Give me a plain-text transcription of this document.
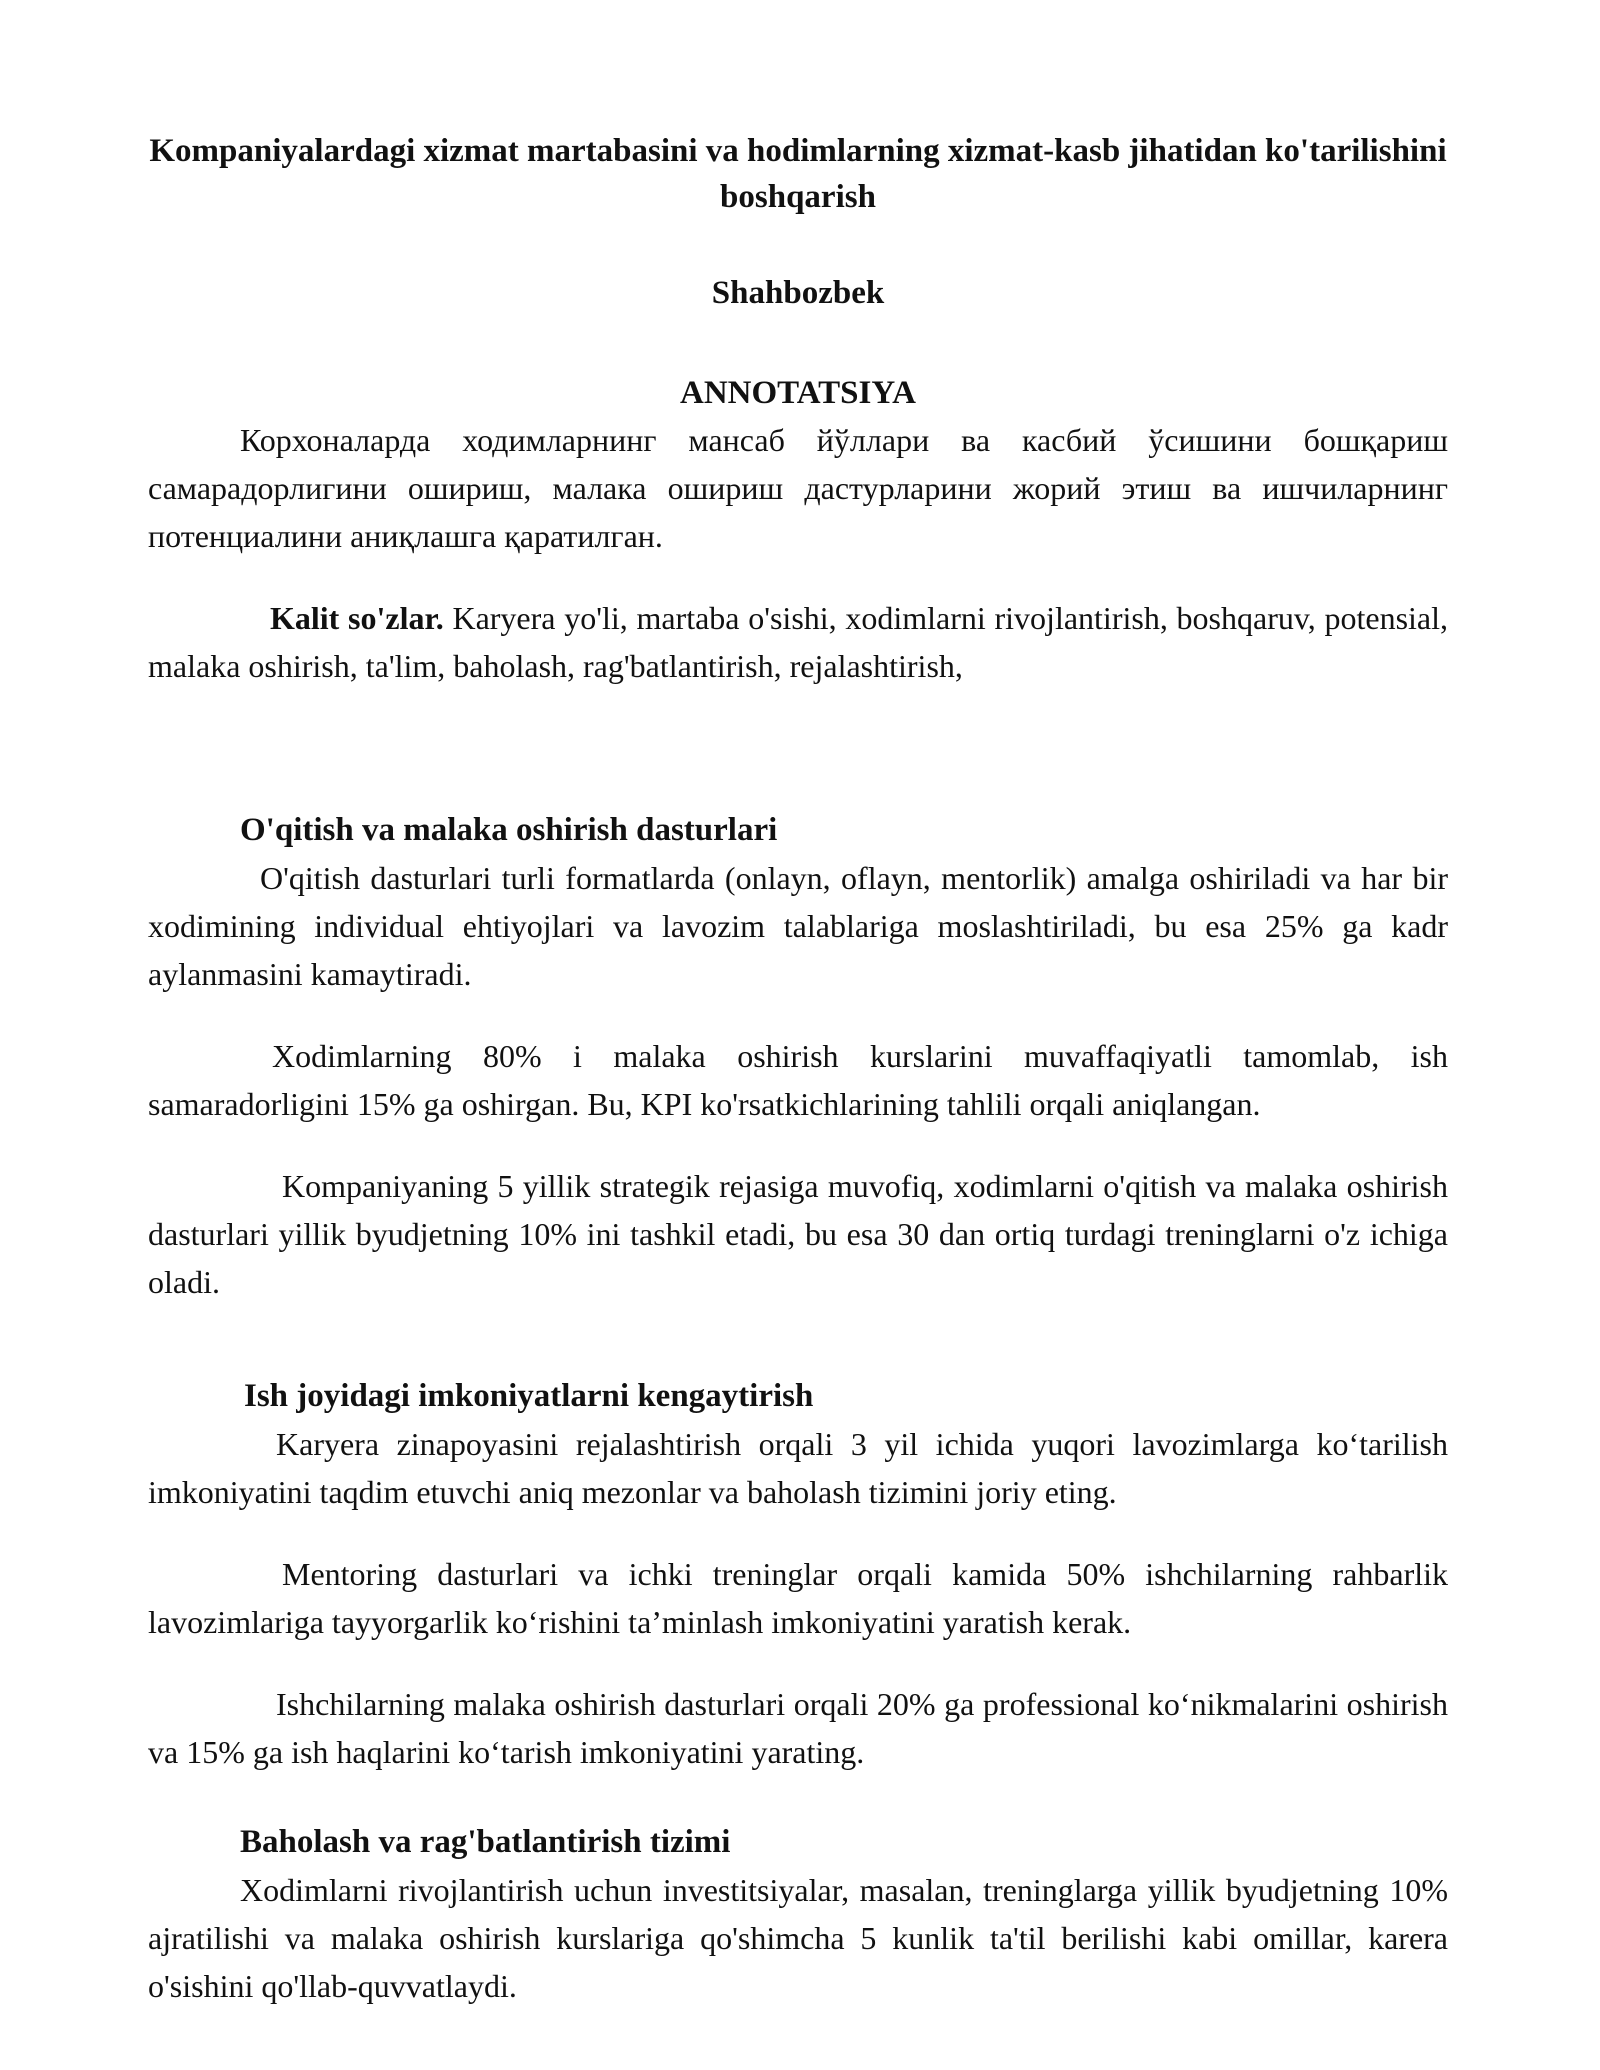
Kompaniyalardagi xizmat martabasini va hodimlarning xizmat-kasb jihatidan ko'tarilishini boshqarish
Shahbozbek
ANNOTATSIYA

Корхоналарда ходимларнинг мансаб йўллари ва касбий ўсишини бошқариш самарадорлигини ошириш, малака ошириш дастурларини жорий этиш ва ишчиларнинг потенциалини аниқлашга қаратилган.

Kalit so'zlar. Karyera yo'li, martaba o'sishi, xodimlarni rivojlantirish, boshqaruv, potensial, malaka oshirish, ta'lim, baholash, rag'batlantirish, rejalashtirish,

O'qitish va malaka oshirish dasturlari

O'qitish dasturlari turli formatlarda (onlayn, oflayn, mentorlik) amalga oshiriladi va har bir xodimining individual ehtiyojlari va lavozim talablariga moslashtiriladi, bu esa 25% ga kadr aylanmasini kamaytiradi.

Xodimlarning 80% i malaka oshirish kurslarini muvaffaqiyatli tamomlab, ish samaradorligini 15% ga oshirgan. Bu, KPI ko'rsatkichlarining tahlili orqali aniqlangan.

Kompaniyaning 5 yillik strategik rejasiga muvofiq, xodimlarni o'qitish va malaka oshirish dasturlari yillik byudjetning 10% ini tashkil etadi, bu esa 30 dan ortiq turdagi treninglarni o'z ichiga oladi.

Ish joyidagi imkoniyatlarni kengaytirish

Karyera zinapoyasini rejalashtirish orqali 3 yil ichida yuqori lavozimlarga ko‘tarilish imkoniyatini taqdim etuvchi aniq mezonlar va baholash tizimini joriy eting.

Mentoring dasturlari va ichki treninglar orqali kamida 50% ishchilarning rahbarlik lavozimlariga tayyorgarlik ko‘rishini ta’minlash imkoniyatini yaratish kerak.

Ishchilarning malaka oshirish dasturlari orqali 20% ga professional ko‘nikmalarini oshirish va 15% ga ish haqlarini ko‘tarish imkoniyatini yarating.

Baholash va rag'batlantirish tizimi

Xodimlarni rivojlantirish uchun investitsiyalar, masalan, treninglarga yillik byudjetning 10% ajratilishi va malaka oshirish kurslariga qo'shimcha 5 kunlik ta'til berilishi kabi omillar, karera o'sishini qo'llab-quvvatlaydi.
